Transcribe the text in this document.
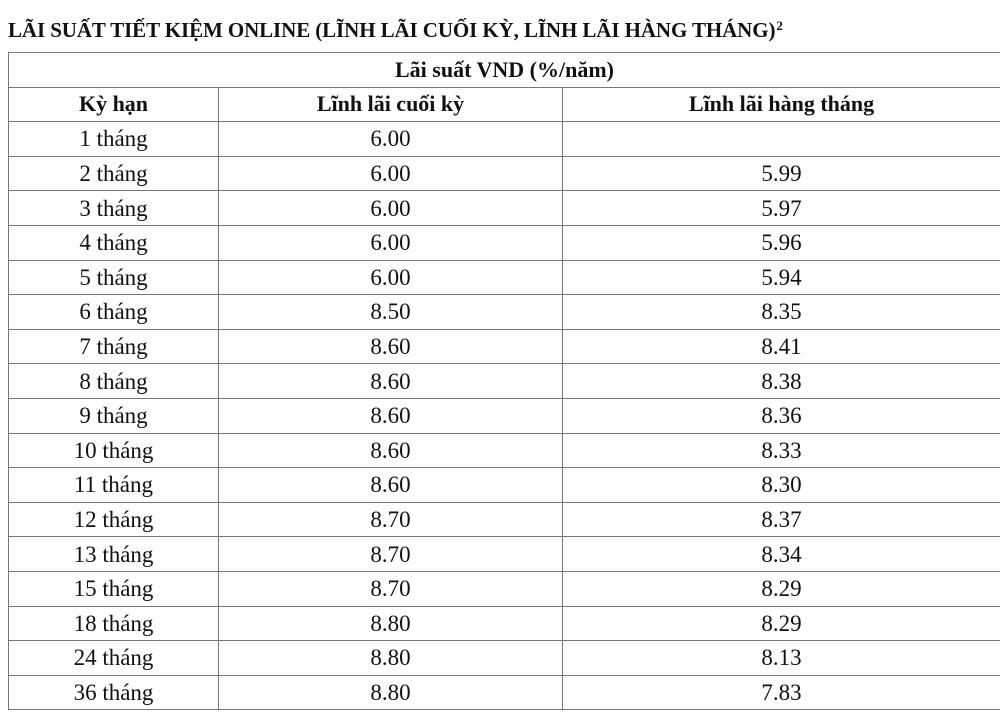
LÃI SUẤT TIẾT KIỆM ONLINE (LĨNH LÃI CUỐI KỲ, LĨNH LÃI HÀNG THÁNG)$^2$
Lãi suất VND (%/năm)		
Kỳ hạn	Lĩnh lãi cuối kỳ	Lĩnh lãi hàng tháng
1 tháng	6.00	
2 tháng	6.00	5.99
3 tháng	6.00	5.97
4 tháng	6.00	5.96
5 tháng	6.00	5.94
6 tháng	8.50	8.35
7 tháng	8.60	8.41
8 tháng	8.60	8.38
9 tháng	8.60	8.36
10 tháng	8.60	8.33
11 tháng	8.60	8.30
12 tháng	8.70	8.37
13 tháng	8.70	8.34
15 tháng	8.70	8.29
18 tháng	8.80	8.29
24 tháng	8.80	8.13
36 tháng	8.80	7.83
